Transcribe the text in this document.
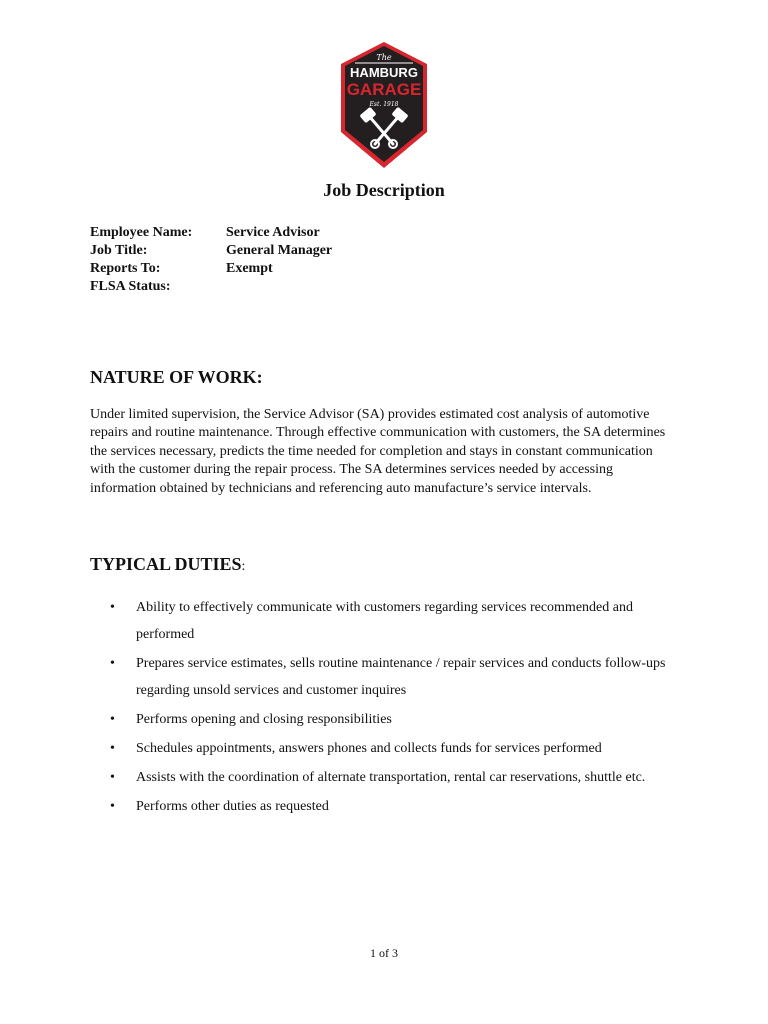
The
HAMBURG
GARAGE
Est. 1918
Job Description
Employee Name: Service Advisor
Job Title:	General Manager
Reports To:	Exempt
FLSA Status:
NATURE OF WORK:
Under limited supervision, the Service Advisor (SA) provides estimated cost analysis of automotive repairs and routine maintenance. Through effective communication with customers, the SA determines the services necessary, predicts the time needed for completion and stays in constant communication with the customer during the repair process. The SA determines services needed by accessing information obtained by technicians and referencing auto manufacture’s service intervals.
TYPICAL DUTIES:
• Ability to effectively communicate with customers regarding services recommended and performed
• Prepares service estimates, sells routine maintenance / repair services and conducts follow-ups regarding unsold services and customer inquires
• Performs opening and closing responsibilities
• Schedules appointments, answers phones and collects funds for services performed
• Assists with the coordination of alternate transportation, rental car reservations, shuttle etc.
• Performs other duties as requested
1 of 3
